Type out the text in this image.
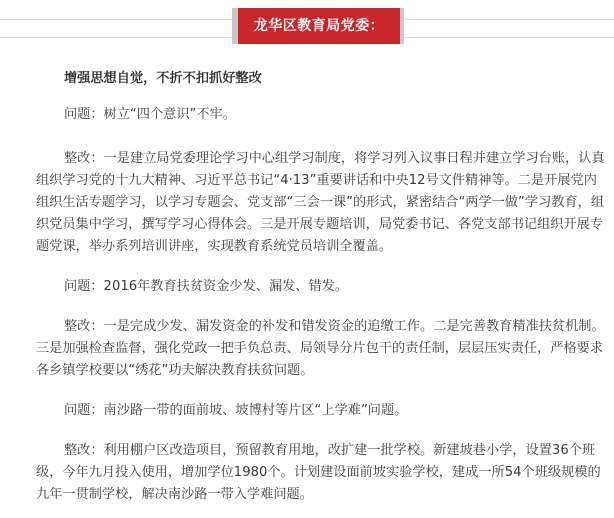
龙华区教育局党委：
增强思想自觉，不折不扣抓好整改

问题：树立“四个意识”不牢。

整改：一是建立局党委理论学习中心组学习制度，将学习列入议事日程并建立学习台账，认真组织学习党的十九大精神、习近平总书记“4·13”重要讲话和中央12号文件精神等。二是开展党内组织生活专题学习，以学习专题会、党支部“三会一课”的形式，紧密结合“两学一做”学习教育，组织党员集中学习，撰写学习心得体会。三是开展专题培训，局党委书记、各党支部书记组织开展专题党课，举办系列培训讲座，实现教育系统党员培训全覆盖。

问题：2016年教育扶贫资金少发、漏发、错发。

整改：一是完成少发、漏发资金的补发和错发资金的追缴工作。二是完善教育精准扶贫机制。三是加强检查监督，强化党政一把手负总责、局领导分片包干的责任制，层层压实责任，严格要求各乡镇学校要以“绣花”功夫解决教育扶贫问题。

问题：南沙路一带的面前坡、坡博村等片区“上学难”问题。

整改：利用棚户区改造项目，预留教育用地，改扩建一批学校。新建坡巷小学，设置36个班级，今年九月投入使用，增加学位1980个。计划建设面前坡实验学校，建成一所54个班级规模的九年一贯制学校，解决南沙路一带入学难问题。
